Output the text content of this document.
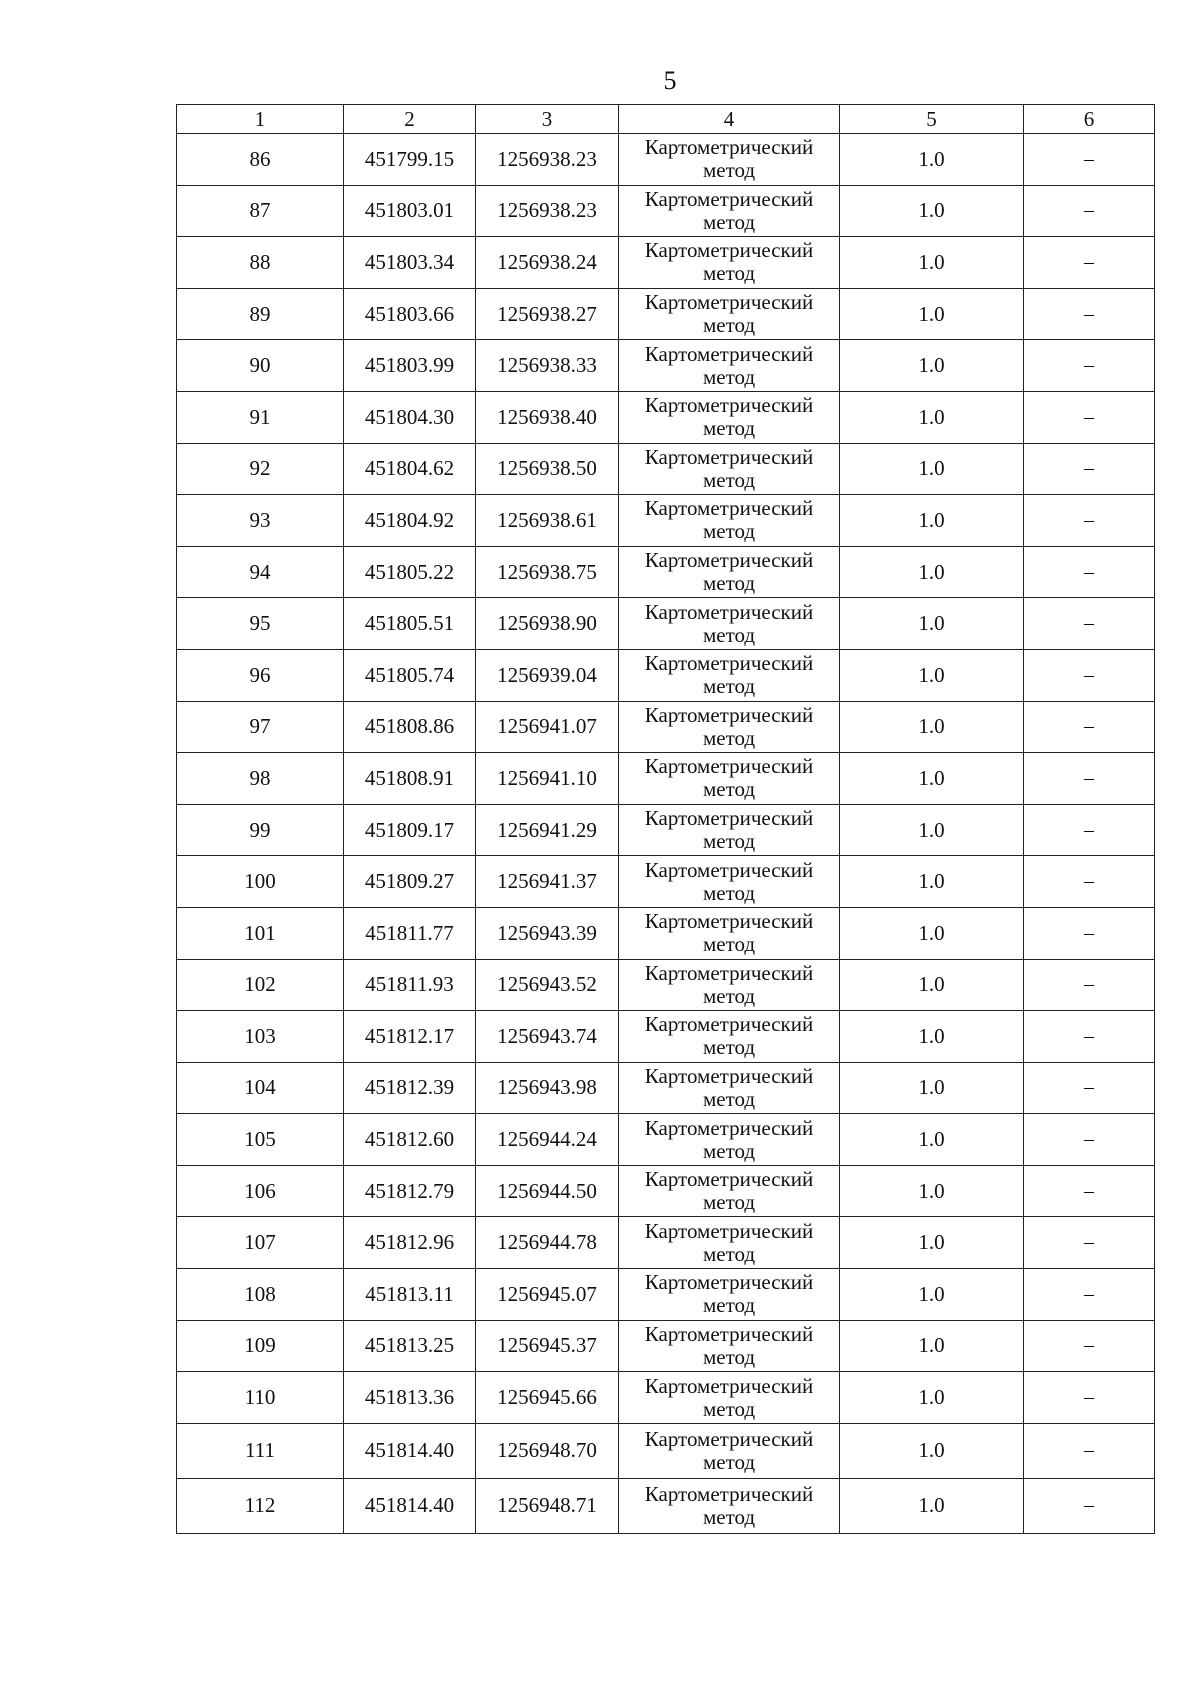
5
1	2	3	4	5	6
86	451799.15	1256938.23	Картометрический метод	1.0	–
87	451803.01	1256938.23	Картометрический метод	1.0	–
88	451803.34	1256938.24	Картометрический метод	1.0	–
89	451803.66	1256938.27	Картометрический метод	1.0	–
90	451803.99	1256938.33	Картометрический метод	1.0	–
91	451804.30	1256938.40	Картометрический метод	1.0	–
92	451804.62	1256938.50	Картометрический метод	1.0	–
93	451804.92	1256938.61	Картометрический метод	1.0	–
94	451805.22	1256938.75	Картометрический метод	1.0	–
95	451805.51	1256938.90	Картометрический метод	1.0	–
96	451805.74	1256939.04	Картометрический метод	1.0	–
97	451808.86	1256941.07	Картометрический метод	1.0	–
98	451808.91	1256941.10	Картометрический метод	1.0	–
99	451809.17	1256941.29	Картометрический метод	1.0	–
100	451809.27	1256941.37	Картометрический метод	1.0	–
101	451811.77	1256943.39	Картометрический метод	1.0	–
102	451811.93	1256943.52	Картометрический метод	1.0	–
103	451812.17	1256943.74	Картометрический метод	1.0	–
104	451812.39	1256943.98	Картометрический метод	1.0	–
105	451812.60	1256944.24	Картометрический метод	1.0	–
106	451812.79	1256944.50	Картометрический метод	1.0	–
107	451812.96	1256944.78	Картометрический метод	1.0	–
108	451813.11	1256945.07	Картометрический метод	1.0	–
109	451813.25	1256945.37	Картометрический метод	1.0	–
110	451813.36	1256945.66	Картометрический метод	1.0	–
111	451814.40	1256948.70	Картометрический метод	1.0	–
112	451814.40	1256948.71	Картометрический метод	1.0	–
